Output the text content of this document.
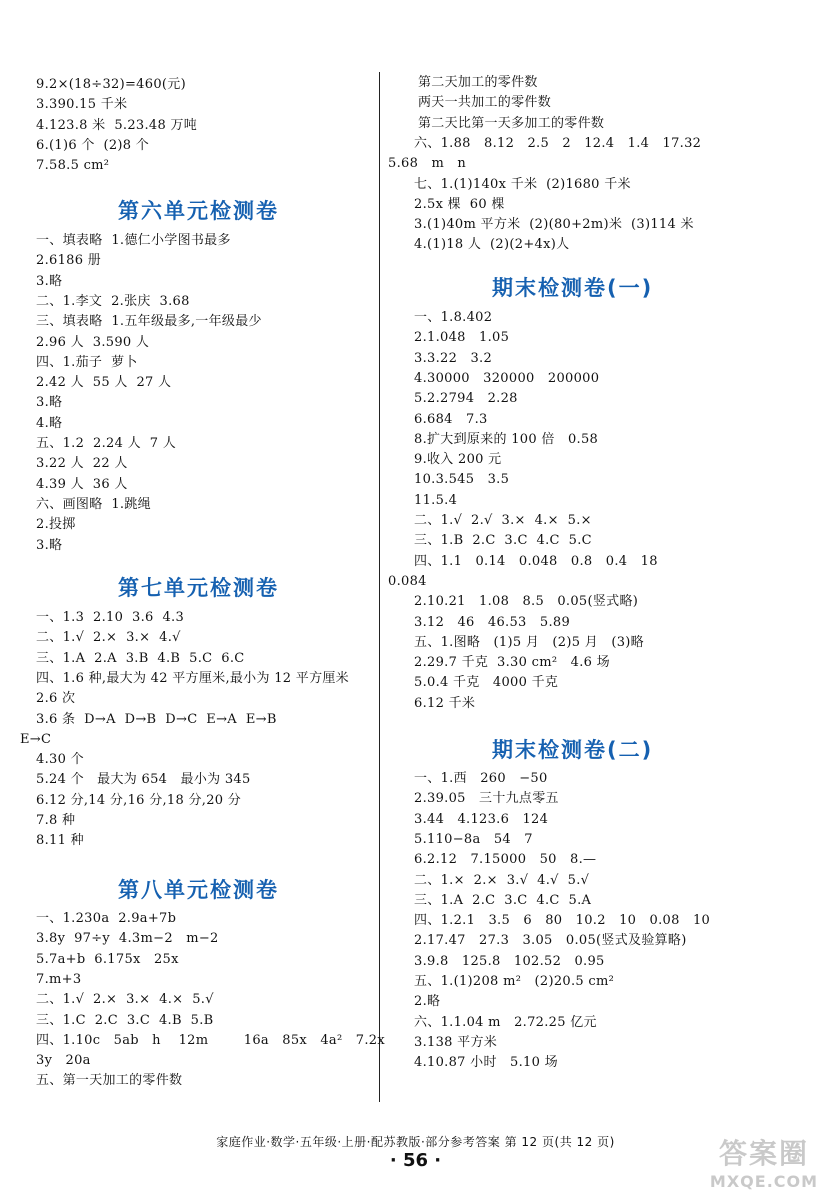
家庭作业·数学·五年级·上册·配苏教版·部分参考答案 第 12 页(共 12 页)
· 56 ·	答案圈
MXQE.COM
9.2×(18÷32)=460(元)
3.390.15 千米
4.123.8 米  5.23.48 万吨
6.(1)6 个  (2)8 个
7.58.5 cm²
第六单元检测卷
一、填表略  1.德仁小学图书最多
2.6186 册
3.略
二、1.李文  2.张庆  3.68
三、填表略  1.五年级最多,一年级最少
2.96 人  3.590 人
四、1.茄子  萝卜
2.42 人  55 人  27 人
3.略
4.略
五、1.2  2.24 人  7 人
3.22 人  22 人
4.39 人  36 人
六、画图略  1.跳绳
2.投掷
3.略
第七单元检测卷
一、1.3  2.10  3.6  4.3
二、1.√  2.×  3.×  4.√
三、1.A  2.A  3.B  4.B  5.C  6.C
四、1.6 种,最大为 42 平方厘米,最小为 12 平方厘米
2.6 次
3.6 条  D→A  D→B  D→C  E→A  E→B
E→C
4.30 个
5.24 个   最大为 654   最小为 345
6.12 分,14 分,16 分,18 分,20 分
7.8 种
8.11 种
第八单元检测卷
一、1.230a  2.9a+7b
3.8y  97÷y  4.3m−2   m−2
5.7a+b  6.175x   25x
7.m+3
二、1.√  2.×  3.×  4.×  5.√
三、1.C  2.C  3.C  4.B  5.B
四、1.10c   5ab   h    12m        16a   85x   4a²   7.2x
3y   20a
五、第一天加工的零件数
第二天加工的零件数
两天一共加工的零件数
第二天比第一天多加工的零件数
六、1.88   8.12   2.5   2   12.4   1.4   17.32
5.68   m   n
七、1.(1)140x 千米  (2)1680 千米
2.5x 棵  60 棵
3.(1)40m 平方米  (2)(80+2m)米  (3)114 米
4.(1)18 人  (2)(2+4x)人
期末检测卷(一)
一、1.8.402
2.1.048   1.05
3.3.22   3.2
4.30000   320000   200000
5.2.2794   2.28
6.684   7.3
8.扩大到原来的 100 倍   0.58
9.收入 200 元
10.3.545   3.5
11.5.4
二、1.√  2.√  3.×  4.×  5.×
三、1.B  2.C  3.C  4.C  5.C
四、1.1   0.14   0.048   0.8   0.4   18
0.084
2.10.21   1.08   8.5   0.05(竖式略)
3.12   46   46.53   5.89
五、1.图略   (1)5 月   (2)5 月   (3)略
2.29.7 千克  3.30 cm²   4.6 场
5.0.4 千克   4000 千克
6.12 千米
期末检测卷(二)
一、1.西   260   −50
2.39.05   三十九点零五
3.44   4.123.6   124
5.110−8a   54   7
6.2.12   7.15000   50   8.—
二、1.×  2.×  3.√  4.√  5.√
三、1.A  2.C  3.C  4.C  5.A
四、1.2.1   3.5   6   80   10.2   10   0.08   10
2.17.47   27.3   3.05   0.05(竖式及验算略)
3.9.8   125.8   102.52   0.95
五、1.(1)208 m²   (2)20.5 cm²
2.略
六、1.1.04 m   2.72.25 亿元
3.138 平方米
4.10.87 小时   5.10 场
